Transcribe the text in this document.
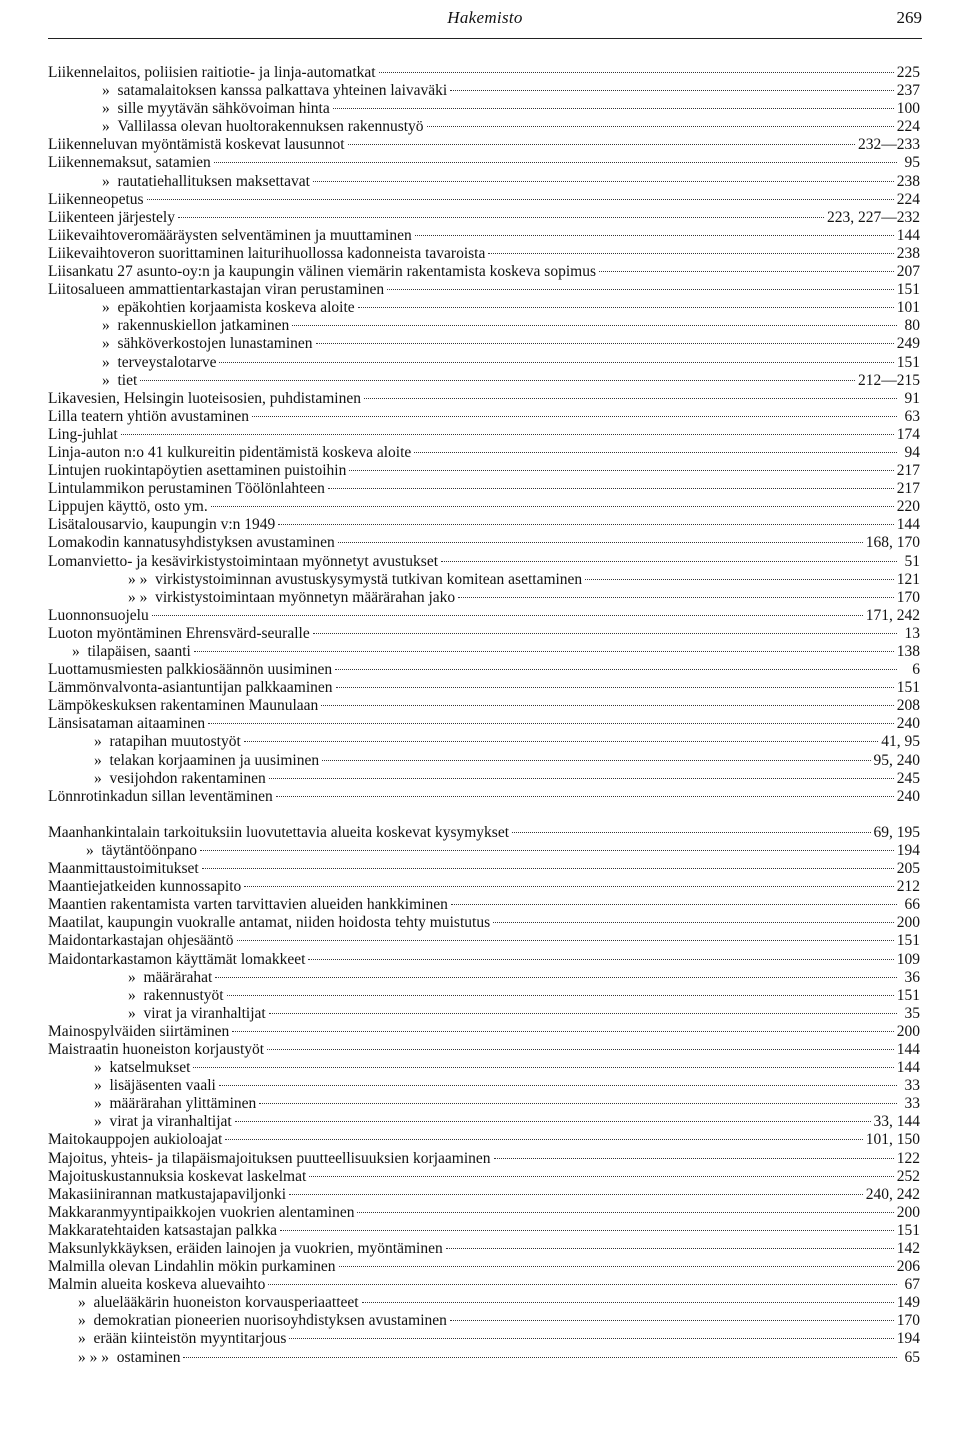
Hakemisto	269
Liikennelaitos, poliisien raitiotie- ja linja-automatkat	225
» satamalaitoksen kanssa palkattava yhteinen laivaväki	237
» sille myytävän sähkövoiman hinta	100
» Vallilassa olevan huoltorakennuksen rakennustyö	224
Liikenneluvan myöntämistä koskevat lausunnot	232—233
Liikennemaksut, satamien	95
» rautatiehallituksen maksettavat	238
Liikenneopetus	224
Liikenteen järjestely	223, 227—232
Liikevaihtoveromääräysten selventäminen ja muuttaminen	144
Liikevaihtoveron suorittaminen laiturihuollossa kadonneista tavaroista	238
Liisankatu 27 asunto-oy:n ja kaupungin välinen viemärin rakentamista koskeva sopimus	207
Liitosalueen ammattientarkastajan viran perustaminen	151
» epäkohtien korjaamista koskeva aloite	101
» rakennuskiellon jatkaminen	80
» sähköverkostojen lunastaminen	249
» terveystalotarve	151
» tiet	212—215
Likavesien, Helsingin luoteisosien, puhdistaminen	91
Lilla teatern yhtiön avustaminen	63
Ling-juhlat	174
Linja-auton n:o 41 kulkureitin pidentämistä koskeva aloite	94
Lintujen ruokintapöytien asettaminen puistoihin	217
Lintulammikon perustaminen Töölönlahteen	217
Lippujen käyttö, osto ym.	220
Lisätalousarvio, kaupungin v:n 1949	144
Lomakodin kannatusyhdistyksen avustaminen	168, 170
Lomanvietto- ja kesävirkistystoimintaan myönnetyt avustukset	51
» » virkistystoiminnan avustuskysymystä tutkivan komitean asettaminen	121
» » virkistystoimintaan myönnetyn määrärahan jako	170
Luonnonsuojelu	171, 242
Luoton myöntäminen Ehrensvärd-seuralle	13
» tilapäisen, saanti	138
Luottamusmiesten palkkiosäännön uusiminen	6
Lämmönvalvonta-asiantuntijan palkkaaminen	151
Lämpökeskuksen rakentaminen Maunulaan	208
Länsisataman aitaaminen	240
» ratapihan muutostyöt	41, 95
» telakan korjaaminen ja uusiminen	95, 240
» vesijohdon rakentaminen	245
Lönnrotinkadun sillan leventäminen	240
Maanhankintalain tarkoituksiin luovutettavia alueita koskevat kysymykset	69, 195
» täytäntöönpano	194
Maanmittaustoimitukset	205
Maantiejatkeiden kunnossapito	212
Maantien rakentamista varten tarvittavien alueiden hankkiminen	66
Maatilat, kaupungin vuokralle antamat, niiden hoidosta tehty muistutus	200
Maidontarkastajan ohjesääntö	151
Maidontarkastamon käyttämät lomakkeet	109
» määrärahat	36
» rakennustyöt	151
» virat ja viranhaltijat	35
Mainospylväiden siirtäminen	200
Maistraatin huoneiston korjaustyöt	144
» katselmukset	144
» lisäjäsenten vaali	33
» määrärahan ylittäminen	33
» virat ja viranhaltijat	33, 144
Maitokauppojen aukioloajat	101, 150
Majoitus, yhteis- ja tilapäismajoituksen puutteellisuuksien korjaaminen	122
Majoituskustannuksia koskevat laskelmat	252
Makasiinirannan matkustajapaviljonki	240, 242
Makkaranmyyntipaikkojen vuokrien alentaminen	200
Makkaratehtaiden katsastajan palkka	151
Maksunlykkäyksen, eräiden lainojen ja vuokrien, myöntäminen	142
Malmilla olevan Lindahlin mökin purkaminen	206
Malmin alueita koskeva aluevaihto	67
» aluelääkärin huoneiston korvausperiaatteet	149
» demokratian pioneerien nuorisoyhdistyksen avustaminen	170
» erään kiinteistön myyntitarjous	194
» » » ostaminen	65
